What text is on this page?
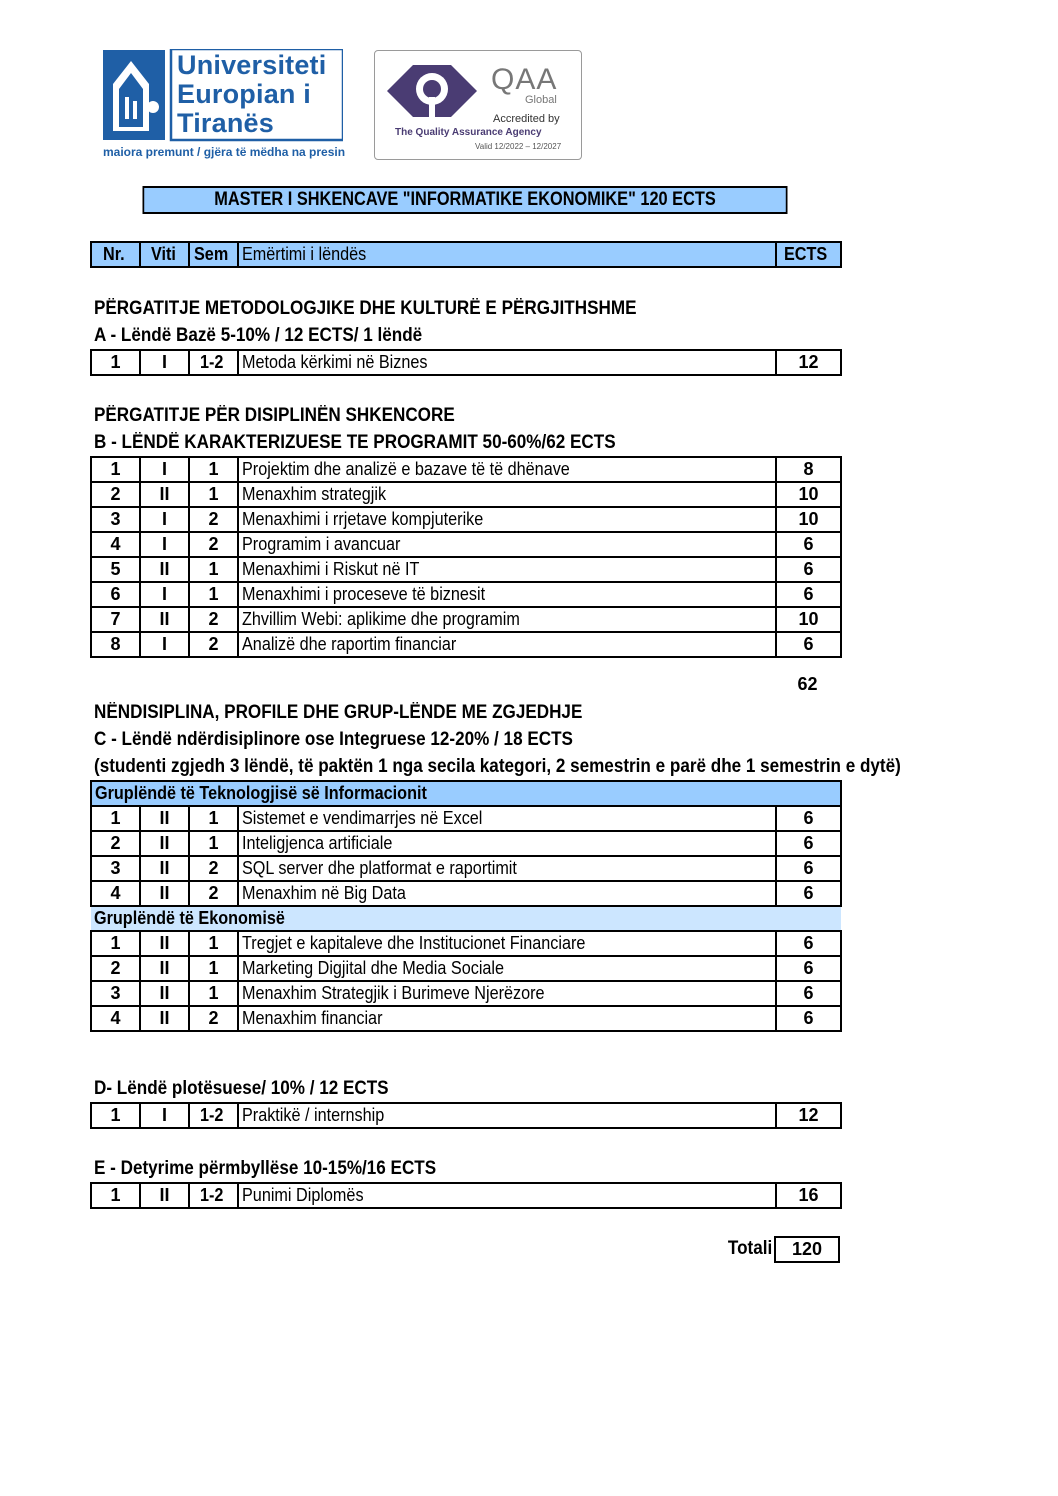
Universiteti
Europian i
Tiranës
maiora premunt / gjëra të mëdha na presin
QAA
Global
Accredited by
The Quality Assurance Agency
Valid 12/2022 – 12/2027
MASTER I SHKENCAVE "INFORMATIKE EKONOMIKE" 120 ECTS
Nr.	Viti	Sem	Emërtimi i lëndës	ECTS
PËRGATITJE METODOLOGJIKE DHE KULTURË E PËRGJITHSHME
A - Lëndë Bazë 5-10% / 12 ECTS/ 1 lëndë
1	I	1-2	Metoda kërkimi në Biznes	12
PËRGATITJE PËR DISIPLINËN SHKENCORE
B - LËNDË KARAKTERIZUESE TE PROGRAMIT 50-60%/62 ECTS
1	I	1	Projektim dhe analizë e bazave të të dhënave	8
2	II	1	Menaxhim strategjik	10
3	I	2	Menaxhimi i rrjetave kompjuterike	10
4	I	2	Programim i avancuar	6
5	II	1	Menaxhimi i Riskut në IT	6
6	I	1	Menaxhimi i proceseve të biznesit	6
7	II	2	Zhvillim Webi: aplikime dhe programim	10
8	I	2	Analizë dhe raportim financiar	6
62
NËNDISIPLINA, PROFILE DHE GRUP-LËNDE ME ZGJEDHJE
C - Lëndë ndërdisiplinore ose Integruese 12-20% / 18 ECTS
(studenti zgjedh 3 lëndë, të paktën 1 nga secila kategori, 2 semestrin e parë dhe 1 semestrin e dytë)
Gruplëndë të Teknologjisë së Informacionit				
1	II	1	Sistemet e vendimarrjes në Excel	6
2	II	1	Inteligjenca artificiale	6
3	II	2	SQL server dhe platformat e raportimit	6
4	II	2	Menaxhim në Big Data	6
Gruplëndë të Ekonomisë				
1	II	1	Tregjet e kapitaleve dhe Institucionet Financiare	6
2	II	1	Marketing Digjital dhe Media Sociale	6
3	II	1	Menaxhim Strategjik i Burimeve Njerëzore	6
4	II	2	Menaxhim financiar	6
D- Lëndë plotësuese/ 10% / 12 ECTS
1	I	1-2	Praktikë / internship	12
E - Detyrime përmbyllëse 10-15%/16 ECTS
1	II	1-2	Punimi Diplomës	16
Totali	120
